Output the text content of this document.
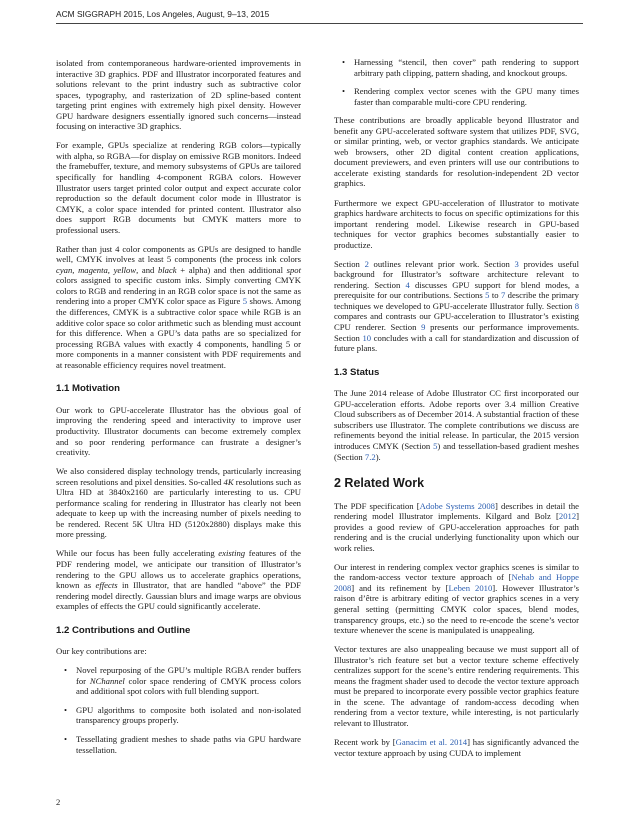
ACM SIGGRAPH 2015, Los Angeles, August, 9–13, 2015

isolated from contemporaneous hardware-oriented improvements in interactive 3D graphics. PDF and Illustrator incorporated features and solutions relevant to the print industry such as subtractive color spaces, typography, and rasterization of 2D spline-based content targeting print engines with extremely high pixel density. However GPU hardware designers essentially ignored such concerns—instead focusing on interactive 3D graphics.

For example, GPUs specialize at rendering RGB colors—typically with alpha, so RGBA—for display on emissive RGB monitors. Indeed the framebuffer, texture, and memory subsystems of GPUs are tailored specifically for handling 4-component RGBA colors. However Illustrator users target printed color output and expect accurate color reproduction so the default document color mode in Illustrator is CMYK, a color space intended for printed content. Illustrator also does support RGB documents but CMYK matters more to professional users.

Rather than just 4 color components as GPUs are designed to handle well, CMYK involves at least 5 components (the process ink colors cyan, magenta, yellow, and black + alpha) and then additional spot colors assigned to specific custom inks. Simply converting CMYK colors to RGB and rendering in an RGB color space is not the same as rendering into a proper CMYK color space as Figure 5 shows. Among the differences, CMYK is a subtractive color space while RGB is an additive color space so color arithmetic such as blending must account for this difference. When a GPU’s data paths are so specialized for processing RGBA values with exactly 4 components, handling 5 or more components in a manner consistent with PDF requirements and at reasonable efficiency requires novel treatment.

1.1 Motivation

Our work to GPU-accelerate Illustrator has the obvious goal of improving the rendering speed and interactivity to improve user productivity. Illustrator documents can become extremely complex and so poor rendering performance can frustrate a designer’s creativity.

We also considered display technology trends, particularly increasing screen resolutions and pixel densities. So-called 4K resolutions such as Ultra HD at 3840x2160 are particularly interesting to us. CPU performance scaling for rendering in Illustrator has clearly not been adequate to keep up with the increasing number of pixels needing to be rendered. Recent 5K Ultra HD (5120x2880) displays make this more pressing.

While our focus has been fully accelerating existing features of the PDF rendering model, we anticipate our transition of Illustrator’s rendering to the GPU allows us to accelerate graphics operations, known as effects in Illustrator, that are handled “above” the PDF rendering model directly. Gaussian blurs and image warps are obvious examples of effects the GPU could significantly accelerate.

1.2 Contributions and Outline

Our key contributions are:

• Novel repurposing of the GPU’s multiple RGBA render buffers for NChannel color space rendering of CMYK process colors and additional spot colors with full blending support.
• GPU algorithms to composite both isolated and non-isolated transparency groups properly.
• Tessellating gradient meshes to shade paths via GPU hardware tessellation.
• Harnessing “stencil, then cover” path rendering to support arbitrary path clipping, pattern shading, and knockout groups.
• Rendering complex vector scenes with the GPU many times faster than comparable multi-core CPU rendering.

These contributions are broadly applicable beyond Illustrator and benefit any GPU-accelerated software system that utilizes PDF, SVG, or similar printing, web, or vector graphics standards. We anticipate web browsers, other 2D digital content creation applications, document previewers, and even printers will use our contributions to accelerate existing standards for resolution-independent 2D vector graphics.

Furthermore we expect GPU-acceleration of Illustrator to motivate graphics hardware architects to focus on specific optimizations for this important rendering model. Likewise research in GPU-based techniques for vector graphics becomes substantially easier to productize.

Section 2 outlines relevant prior work. Section 3 provides useful background for Illustrator’s software architecture relevant to rendering. Section 4 discusses GPU support for blend modes, a prerequisite for our contributions. Sections 5 to 7 describe the primary techniques we developed to GPU-accelerate Illustrator fully. Section 8 compares and contrasts our GPU-acceleration to Illustrator’s existing CPU renderer. Section 9 presents our performance improvements. Section 10 concludes with a call for standardization and discussion of future plans.

1.3 Status

The June 2014 release of Adobe Illustrator CC first incorporated our GPU-acceleration efforts. Adobe reports over 3.4 million Creative Cloud subscribers as of December 2014. A substantial fraction of these subscribers use Illustrator. The complete contributions we discuss are refinements beyond the initial release. In particular, the 2015 version introduces CMYK (Section 5) and tessellation-based gradient meshes (Section 7.2).

2 Related Work

The PDF specification [Adobe Systems 2008] describes in detail the rendering model Illustrator implements. Kilgard and Bolz [2012] provides a good review of GPU-acceleration approaches for path rendering and is the crucial underlying functionality upon which our work relies.

Our interest in rendering complex vector graphics scenes is similar to the random-access vector texture approach of [Nehab and Hoppe 2008] and its refinement by [Leben 2010]. However Illustrator’s raison d’être is arbitrary editing of vector graphics scenes in a very general setting (permitting CMYK color spaces, blend modes, transparency groups, etc.) so the need to re-encode the scene’s vector texture whenever the scene is manipulated is unappealing.

Vector textures are also unappealing because we must support all of Illustrator’s rich feature set but a vector texture scheme effectively centralizes support for the scene’s entire rendering requirements. This means the fragment shader used to decode the vector texture approach must be prepared to incorporate every possible vector graphics feature in the scene. The advantage of random-access decoding when rendering from a vector texture, while interesting, is not particularly relevant to Illustrator.

Recent work by [Ganacim et al. 2014] has significantly advanced the vector texture approach by using CUDA to implement

2
